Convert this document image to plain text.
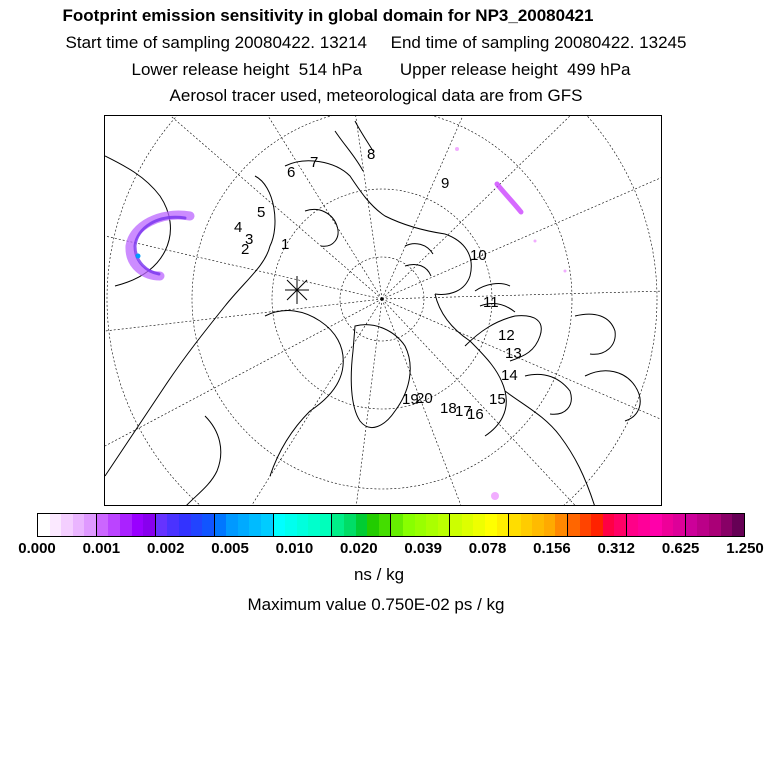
Footprint emission sensitivity in global domain for NP3_20080421
Start time of sampling 20080422. 13214     End time of sampling 20080422. 13245
Lower release height  514 hPa        Upper release height  499 hPa
Aerosol tracer used, meteorological data are from GFS
1
2
3
4
5
6
7	8
9
10
11
12
13
14
15
16
17
18
19
20
0.000 0.001 0.002 0.005 0.010 0.020 0.039 0.078 0.156 0.312 0.625 1.250
ns / kg
Maximum value 0.750E-02 ps / kg
